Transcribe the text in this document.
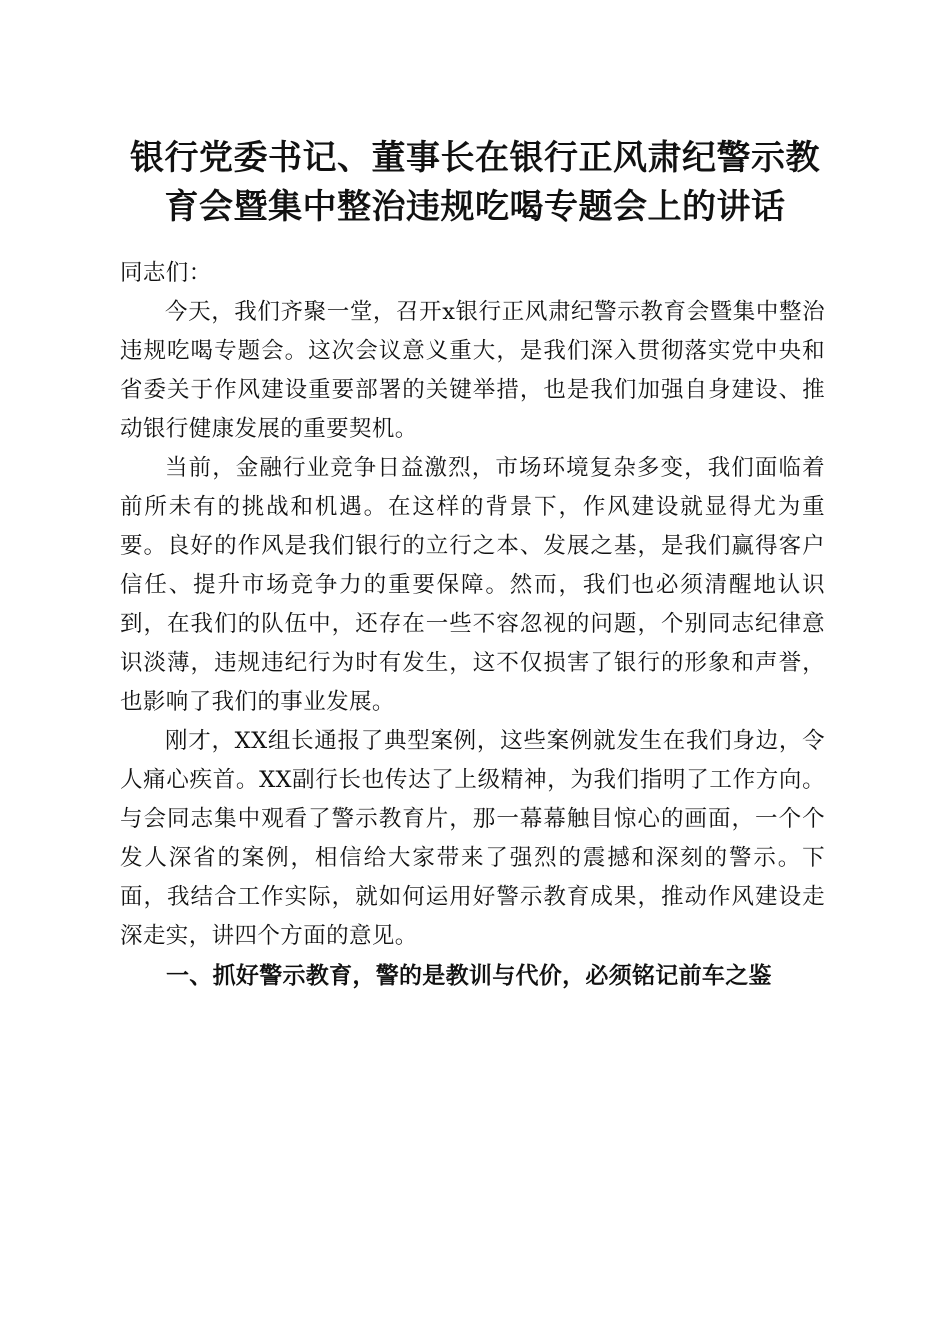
银行党委书记、董事长在银行正风肃纪警示教
育会暨集中整治违规吃喝专题会上的讲话

同志们：

今天，我们齐聚一堂，召开x银行正风肃纪警示教育会暨集中整治违规吃喝专题会。这次会议意义重大，是我们深入贯彻落实党中央和省委关于作风建设重要部署的关键举措，也是我们加强自身建设、推动银行健康发展的重要契机。

当前，金融行业竞争日益激烈，市场环境复杂多变，我们面临着前所未有的挑战和机遇。在这样的背景下，作风建设就显得尤为重要。良好的作风是我们银行的立行之本、发展之基，是我们赢得客户信任、提升市场竞争力的重要保障。然而，我们也必须清醒地认识到，在我们的队伍中，还存在一些不容忽视的问题，个别同志纪律意识淡薄，违规违纪行为时有发生，这不仅损害了银行的形象和声誉，也影响了我们的事业发展。

刚才，XX组长通报了典型案例，这些案例就发生在我们身边，令人痛心疾首。XX副行长也传达了上级精神，为我们指明了工作方向。与会同志集中观看了警示教育片，那一幕幕触目惊心的画面，一个个发人深省的案例，相信给大家带来了强烈的震撼和深刻的警示。下面，我结合工作实际，就如何运用好警示教育成果，推动作风建设走深走实，讲四个方面的意见。

一、抓好警示教育，警的是教训与代价，必须铭记前车之鉴
